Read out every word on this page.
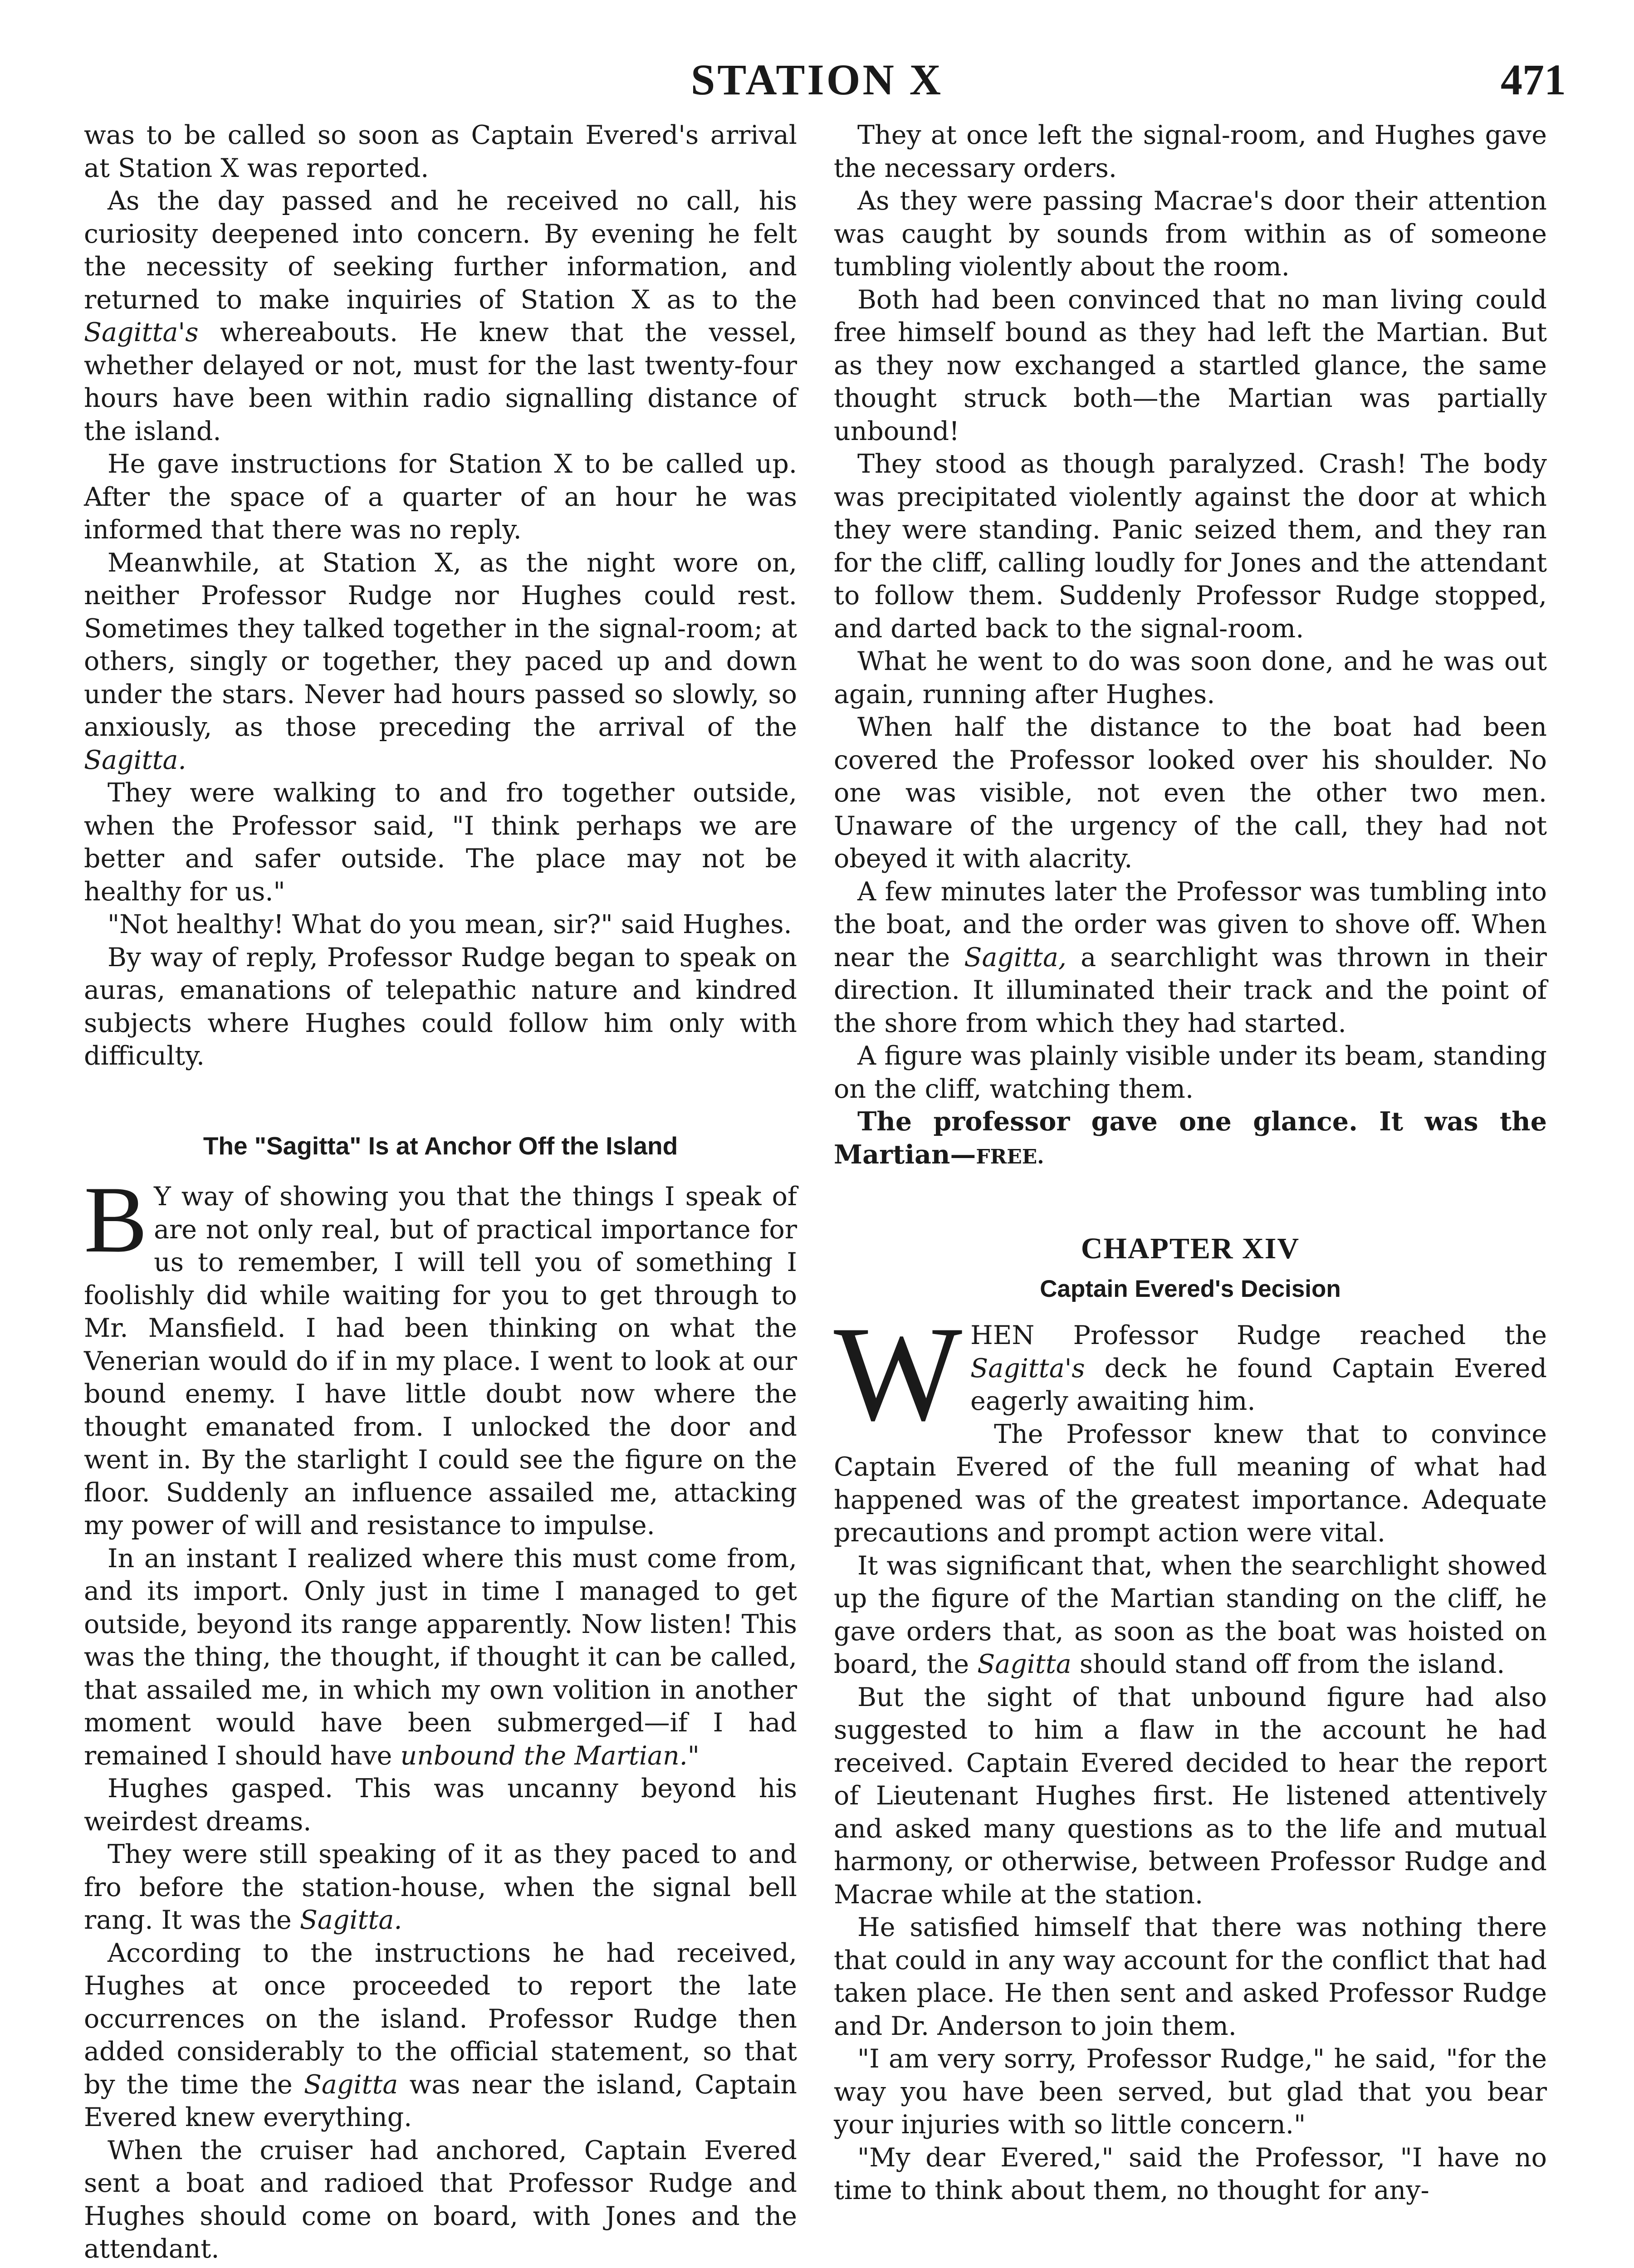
STATION X	471

was to be called so soon as Captain Evered's arrival at Station X was reported.

As the day passed and he received no call, his curiosity deepened into concern. By evening he felt the necessity of seeking further information, and returned to make inquiries of Station X as to the Sagitta's whereabouts. He knew that the vessel, whether delayed or not, must for the last twenty-four hours have been within radio signalling distance of the island.

He gave instructions for Station X to be called up. After the space of a quarter of an hour he was informed that there was no reply.

Meanwhile, at Station X, as the night wore on, neither Professor Rudge nor Hughes could rest. Sometimes they talked together in the signal-room; at others, singly or together, they paced up and down under the stars. Never had hours passed so slowly, so anxiously, as those preceding the arrival of the Sagitta.

They were walking to and fro together outside, when the Professor said, "I think perhaps we are better and safer outside. The place may not be healthy for us."

"Not healthy! What do you mean, sir?" said Hughes.

By way of reply, Professor Rudge began to speak on auras, emanations of telepathic nature and kindred subjects where Hughes could follow him only with difficulty.

The "Sagitta" Is at Anchor Off the Island

B Y way of showing you that the things I speak of are not only real, but of practical importance for us to remember, I will tell you of something I foolishly did while waiting for you to get through to Mr. Mansfield. I had been thinking on what the Venerian would do if in my place. I went to look at our bound enemy. I have little doubt now where the thought emanated from. I unlocked the door and went in. By the starlight I could see the figure on the floor. Suddenly an influence assailed me, attacking my power of will and resistance to impulse.

In an instant I realized where this must come from, and its import. Only just in time I managed to get outside, beyond its range apparently. Now listen! This was the thing, the thought, if thought it can be called, that assailed me, in which my own volition in another moment would have been submerged—if I had remained I should have unbound the Martian."

Hughes gasped. This was uncanny beyond his weirdest dreams.

They were still speaking of it as they paced to and fro before the station-house, when the signal bell rang. It was the Sagitta.

According to the instructions he had received, Hughes at once proceeded to report the late occurrences on the island. Professor Rudge then added considerably to the official statement, so that by the time the Sagitta was near the island, Captain Evered knew everything.

When the cruiser had anchored, Captain Evered sent a boat and radioed that Professor Rudge and Hughes should come on board, with Jones and the attendant.

They at once left the signal-room, and Hughes gave the necessary orders.

As they were passing Macrae's door their attention was caught by sounds from within as of someone tumbling violently about the room.

Both had been convinced that no man living could free himself bound as they had left the Martian. But as they now exchanged a startled glance, the same thought struck both—the Martian was partially unbound!

They stood as though paralyzed. Crash! The body was precipitated violently against the door at which they were standing. Panic seized them, and they ran for the cliff, calling loudly for Jones and the attendant to follow them. Suddenly Professor Rudge stopped, and darted back to the signal-room.

What he went to do was soon done, and he was out again, running after Hughes.

When half the distance to the boat had been covered the Professor looked over his shoulder. No one was visible, not even the other two men. Unaware of the urgency of the call, they had not obeyed it with alacrity.

A few minutes later the Professor was tumbling into the boat, and the order was given to shove off. When near the Sagitta, a searchlight was thrown in their direction. It illuminated their track and the point of the shore from which they had started.

A figure was plainly visible under its beam, standing on the cliff, watching them.

The professor gave one glance. It was the Martian—FREE.

CHAPTER XIV
Captain Evered's Decision

WHEN Professor Rudge reached the Sagitta's deck he found Captain Evered eagerly awaiting him.

The Professor knew that to convince Captain Evered of the full meaning of what had happened was of the greatest importance. Adequate precautions and prompt action were vital.

It was significant that, when the searchlight showed up the figure of the Martian standing on the cliff, he gave orders that, as soon as the boat was hoisted on board, the Sagitta should stand off from the island.

But the sight of that unbound figure had also suggested to him a flaw in the account he had received. Captain Evered decided to hear the report of Lieutenant Hughes first. He listened attentively and asked many questions as to the life and mutual harmony, or otherwise, between Professor Rudge and Macrae while at the station.

He satisfied himself that there was nothing there that could in any way account for the conflict that had taken place. He then sent and asked Professor Rudge and Dr. Anderson to join them.

"I am very sorry, Professor Rudge," he said, "for the way you have been served, but glad that you bear your injuries with so little concern."

"My dear Evered," said the Professor, "I have no time to think about them, no thought for any-
